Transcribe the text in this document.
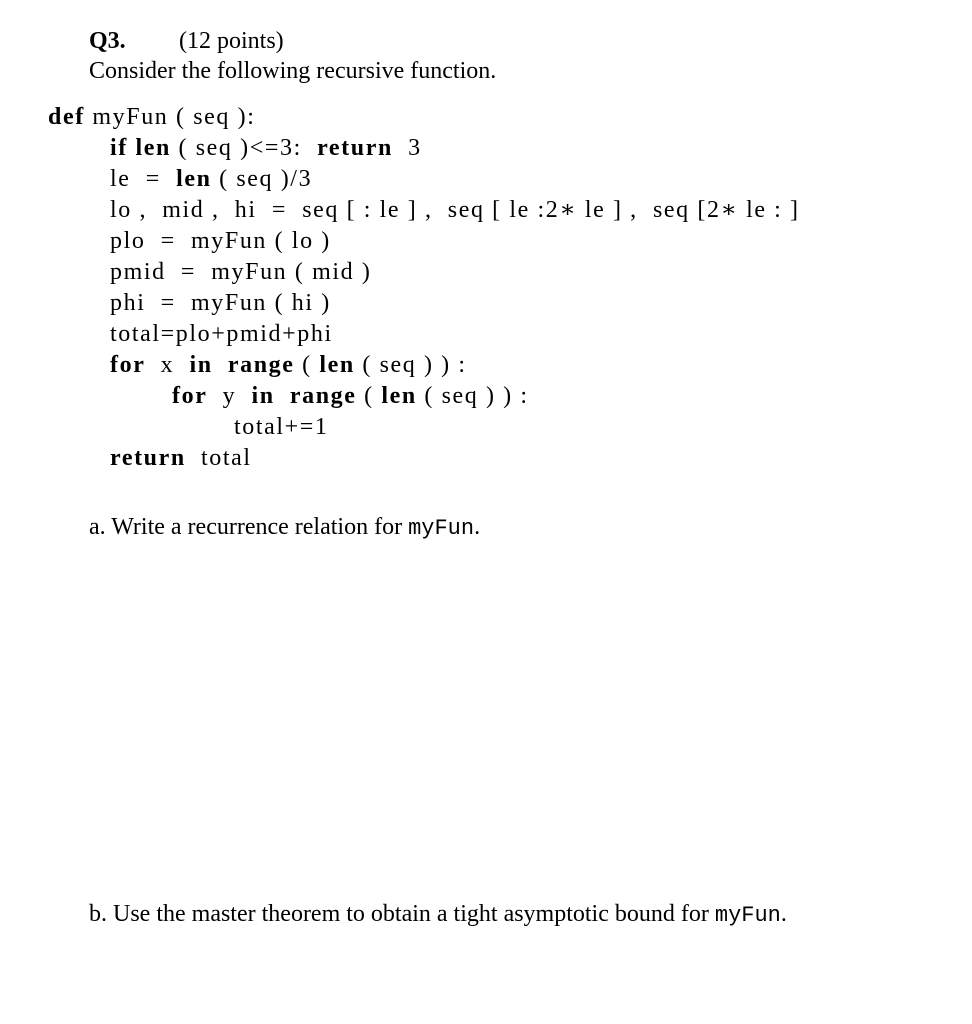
Q3. (12 points)
Consider the following recursive function.

def myFun ( seq ):

if len ( seq )<=3:  return  3

le  =  len ( seq )/3

lo ,  mid ,  hi  =  seq [ : le ] ,  seq [ le :2∗ le ] ,  seq [2∗ le : ]

plo  =  myFun ( lo )

pmid  =  myFun ( mid )

phi  =  myFun ( hi )

total=plo+pmid+phi

for  x  in range ( len ( seq ) ) :

for  y  in range ( len ( seq ) ) :

total+=1

return  total

a. Write a recurrence relation for myFun.
b. Use the master theorem to obtain a tight asymptotic bound for myFun.
